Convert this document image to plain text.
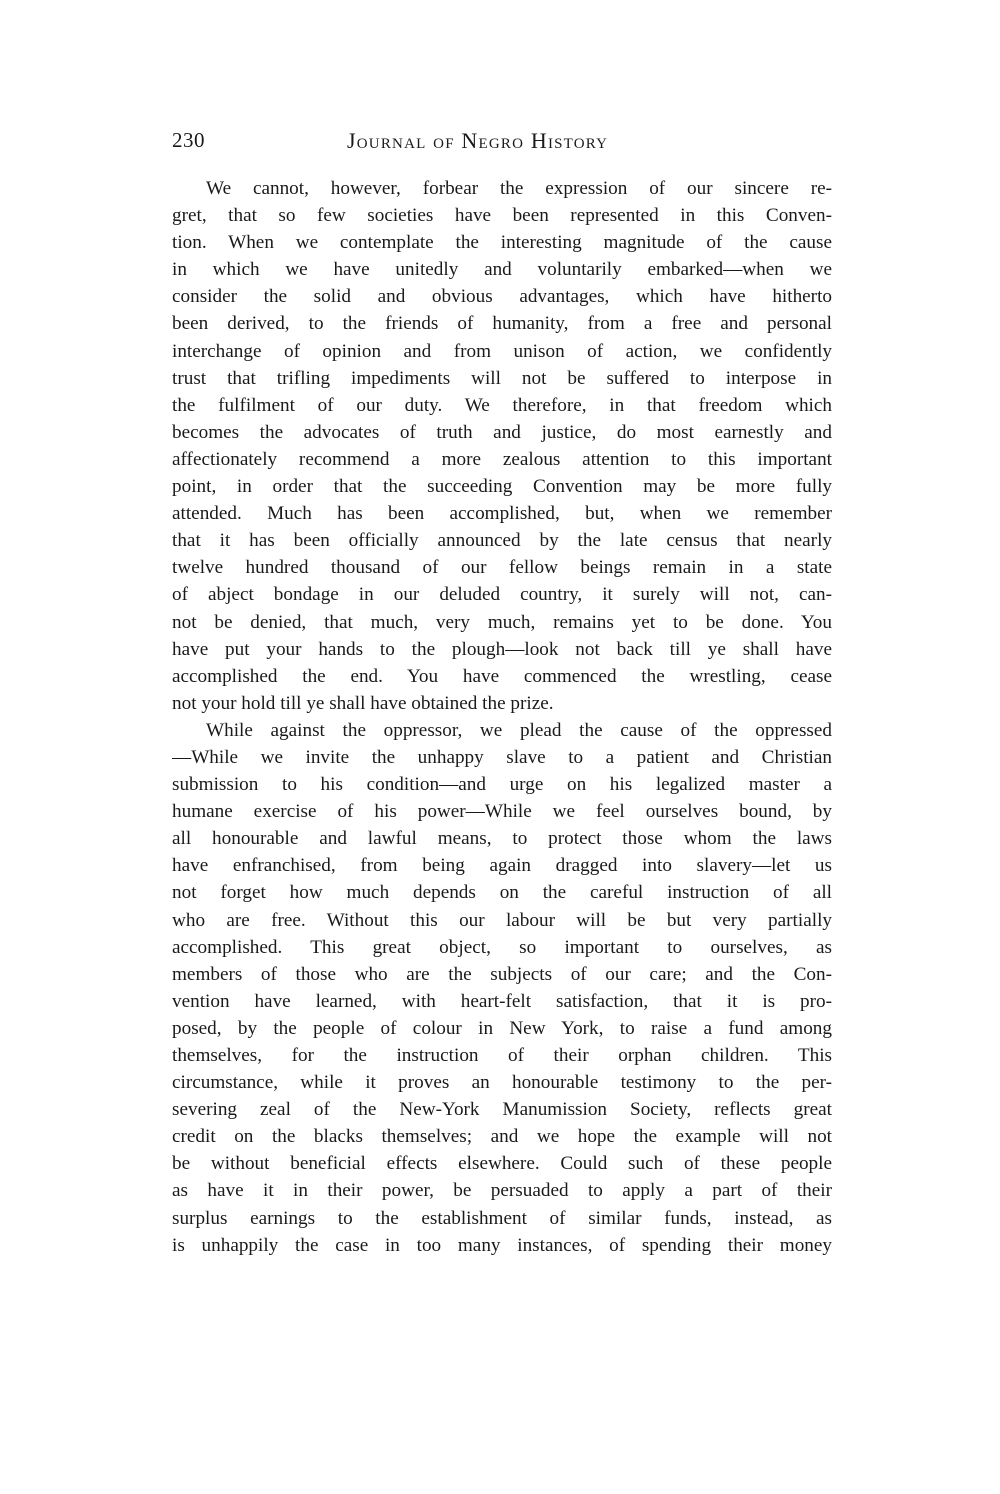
230	Journal of Negro History
We cannot, however, forbear the expression of our sincere re-
gret, that so few societies have been represented in this Conven-
tion. When we contemplate the interesting magnitude of the cause
in which we have unitedly and voluntarily embarked—when we
consider the solid and obvious advantages, which have hitherto
been derived, to the friends of humanity, from a free and personal
interchange of opinion and from unison of action, we confidently
trust that trifling impediments will not be suffered to interpose in
the fulfilment of our duty. We therefore, in that freedom which
becomes the advocates of truth and justice, do most earnestly and
affectionately recommend a more zealous attention to this important
point, in order that the succeeding Convention may be more fully
attended. Much has been accomplished, but, when we remember
that it has been officially announced by the late census that nearly
twelve hundred thousand of our fellow beings remain in a state
of abject bondage in our deluded country, it surely will not, can-
not be denied, that much, very much, remains yet to be done. You
have put your hands to the plough—look not back till ye shall have
accomplished the end. You have commenced the wrestling, cease
not your hold till ye shall have obtained the prize.
While against the oppressor, we plead the cause of the oppressed
—While we invite the unhappy slave to a patient and Christian
submission to his condition—and urge on his legalized master a
humane exercise of his power—While we feel ourselves bound, by
all honourable and lawful means, to protect those whom the laws
have enfranchised, from being again dragged into slavery—let us
not forget how much depends on the careful instruction of all
who are free. Without this our labour will be but very partially
accomplished. This great object, so important to ourselves, as
members of those who are the subjects of our care; and the Con-
vention have learned, with heart-felt satisfaction, that it is pro-
posed, by the people of colour in New York, to raise a fund among
themselves, for the instruction of their orphan children. This
circumstance, while it proves an honourable testimony to the per-
severing zeal of the New-York Manumission Society, reflects great
credit on the blacks themselves; and we hope the example will not
be without beneficial effects elsewhere. Could such of these people
as have it in their power, be persuaded to apply a part of their
surplus earnings to the establishment of similar funds, instead, as
is unhappily the case in too many instances, of spending their money
